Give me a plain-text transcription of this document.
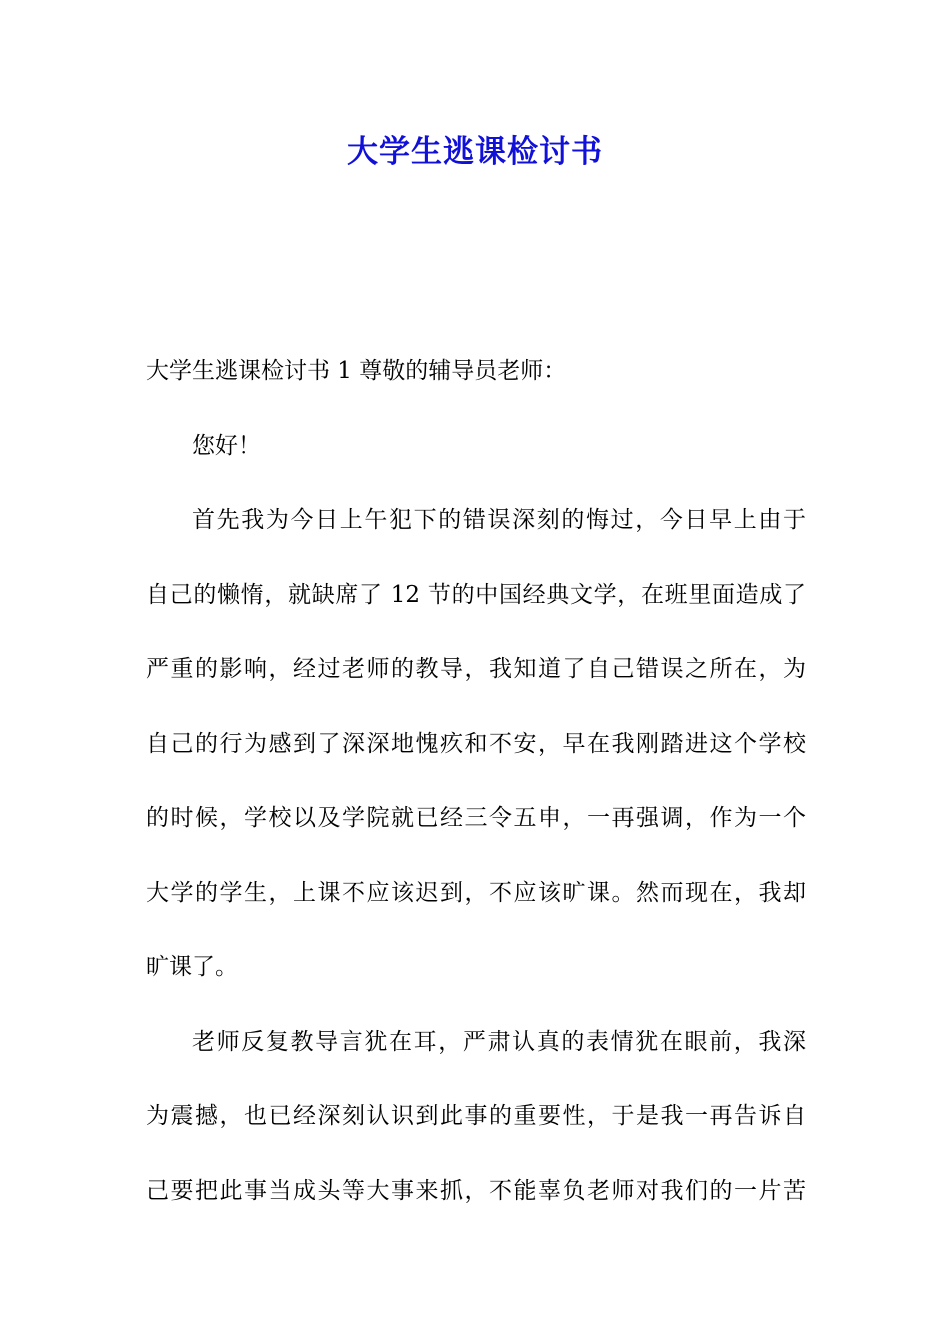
大学生逃课检讨书
大学生逃课检讨书 1 尊敬的辅导员老师：
您好！
首先我为今日上午犯下的错误深刻的悔过，今日早上由于
自己的懒惰，就缺席了 12 节的中国经典文学，在班里面造成了
严重的影响，经过老师的教导，我知道了自己错误之所在，为
自己的行为感到了深深地愧疚和不安，早在我刚踏进这个学校
的时候，学校以及学院就已经三令五申，一再强调，作为一个
大学的学生，上课不应该迟到，不应该旷课。然而现在，我却
旷课了。
老师反复教导言犹在耳，严肃认真的表情犹在眼前，我深
为震撼，也已经深刻认识到此事的重要性，于是我一再告诉自
己要把此事当成头等大事来抓，不能辜负老师对我们的一片苦
